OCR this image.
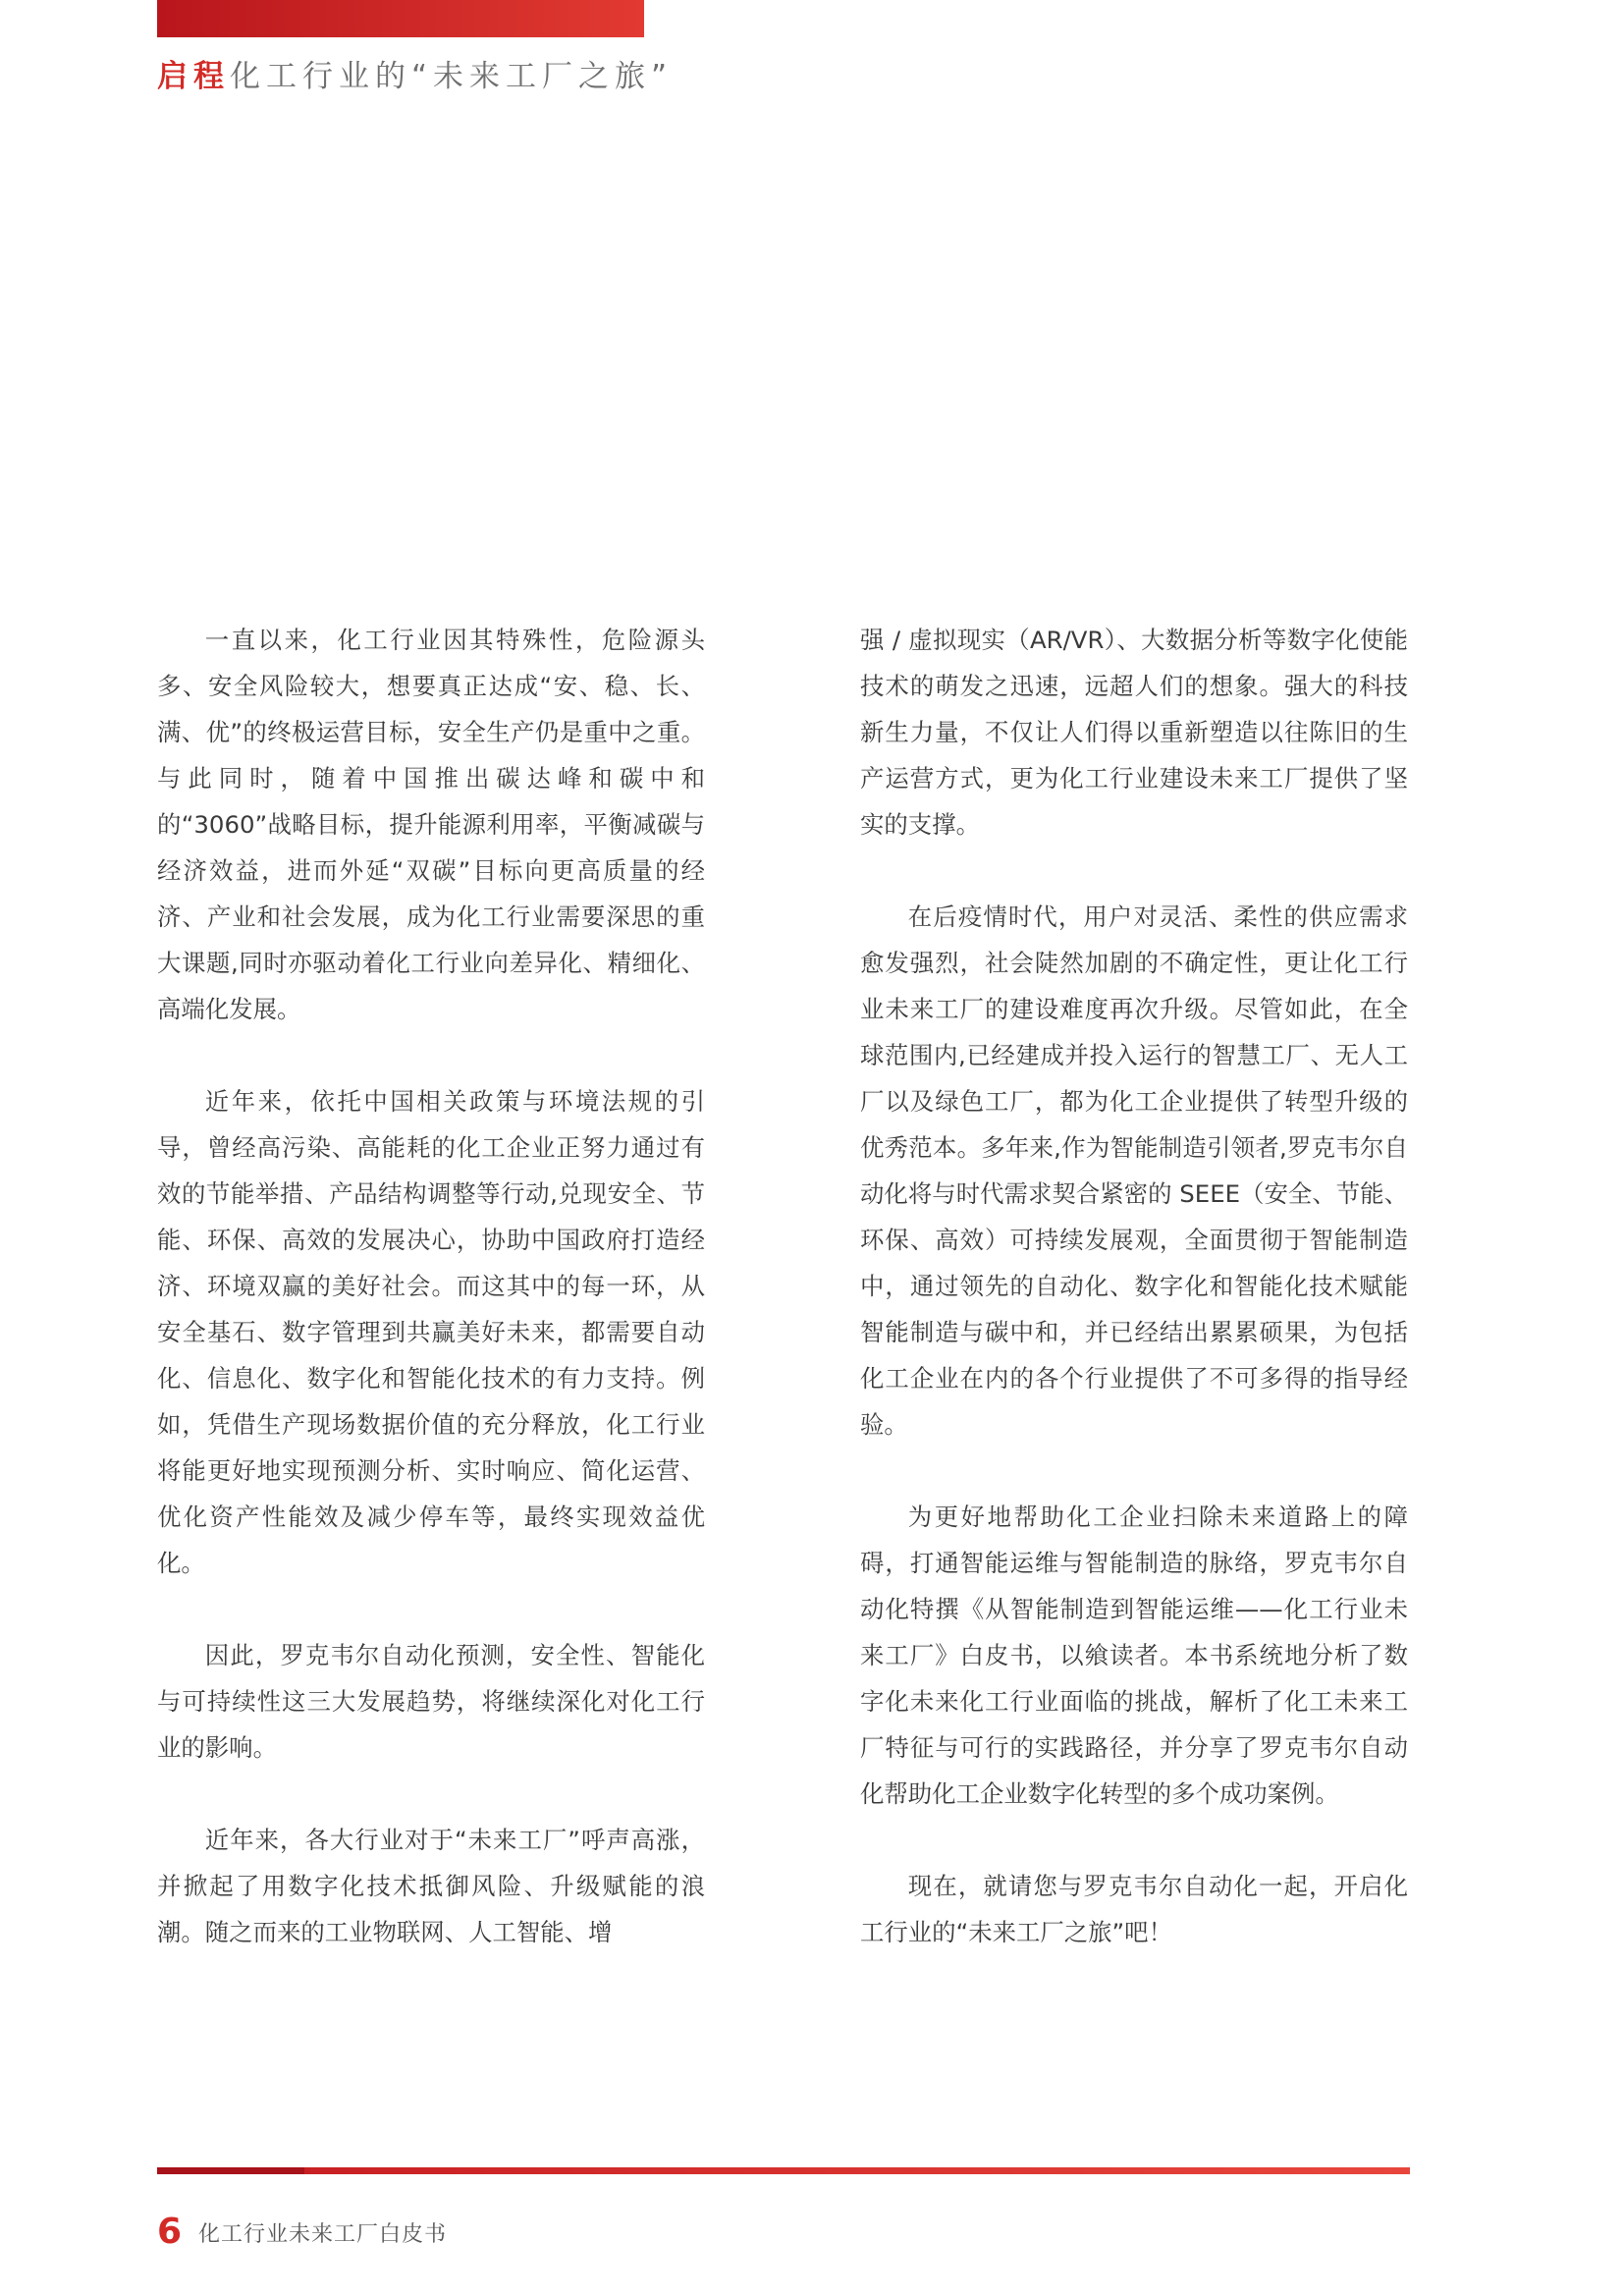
启程化工行业的“未来工厂之旅”

一直以来，化工行业因其特殊性，危险源头多、安全风险较大，想要真正达成“安、稳、长、满、优”的终极运营目标，安全生产仍是重中之重。与此同时，随着中国推出碳达峰和碳中和的“3060”战略目标，提升能源利用率，平衡减碳与经济效益，进而外延“双碳”目标向更高质量的经济、产业和社会发展，成为化工行业需要深思的重大课题,同时亦驱动着化工行业向差异化、精细化、高端化发展。

近年来，依托中国相关政策与环境法规的引导，曾经高污染、高能耗的化工企业正努力通过有效的节能举措、产品结构调整等行动,兑现安全、节能、环保、高效的发展决心，协助中国政府打造经济、环境双赢的美好社会。而这其中的每一环，从安全基石、数字管理到共赢美好未来，都需要自动化、信息化、数字化和智能化技术的有力支持。例如，凭借生产现场数据价值的充分释放，化工行业将能更好地实现预测分析、实时响应、简化运营、优化资产性能效及减少停车等，最终实现效益优化。

因此，罗克韦尔自动化预测，安全性、智能化与可持续性这三大发展趋势，将继续深化对化工行业的影响。

近年来，各大行业对于“未来工厂”呼声高涨，并掀起了用数字化技术抵御风险、升级赋能的浪潮。随之而来的工业物联网、人工智能、增

强 / 虚拟现实（AR/VR）、大数据分析等数字化使能技术的萌发之迅速，远超人们的想象。强大的科技新生力量，不仅让人们得以重新塑造以往陈旧的生产运营方式，更为化工行业建设未来工厂提供了坚实的支撑。

在后疫情时代，用户对灵活、柔性的供应需求愈发强烈，社会陡然加剧的不确定性，更让化工行业未来工厂的建设难度再次升级。尽管如此，在全球范围内,已经建成并投入运行的智慧工厂、无人工厂以及绿色工厂，都为化工企业提供了转型升级的优秀范本。多年来,作为智能制造引领者,罗克韦尔自动化将与时代需求契合紧密的 SEEE（安全、节能、环保、高效）可持续发展观，全面贯彻于智能制造中，通过领先的自动化、数字化和智能化技术赋能智能制造与碳中和，并已经结出累累硕果，为包括化工企业在内的各个行业提供了不可多得的指导经验。

为更好地帮助化工企业扫除未来道路上的障碍，打通智能运维与智能制造的脉络，罗克韦尔自动化特撰《从智能制造到智能运维——化工行业未来工厂》白皮书，以飨读者。本书系统地分析了数字化未来化工行业面临的挑战，解析了化工未来工厂特征与可行的实践路径，并分享了罗克韦尔自动化帮助化工企业数字化转型的多个成功案例。

现在，就请您与罗克韦尔自动化一起，开启化工行业的“未来工厂之旅”吧！

6 化工行业未来工厂白皮书
